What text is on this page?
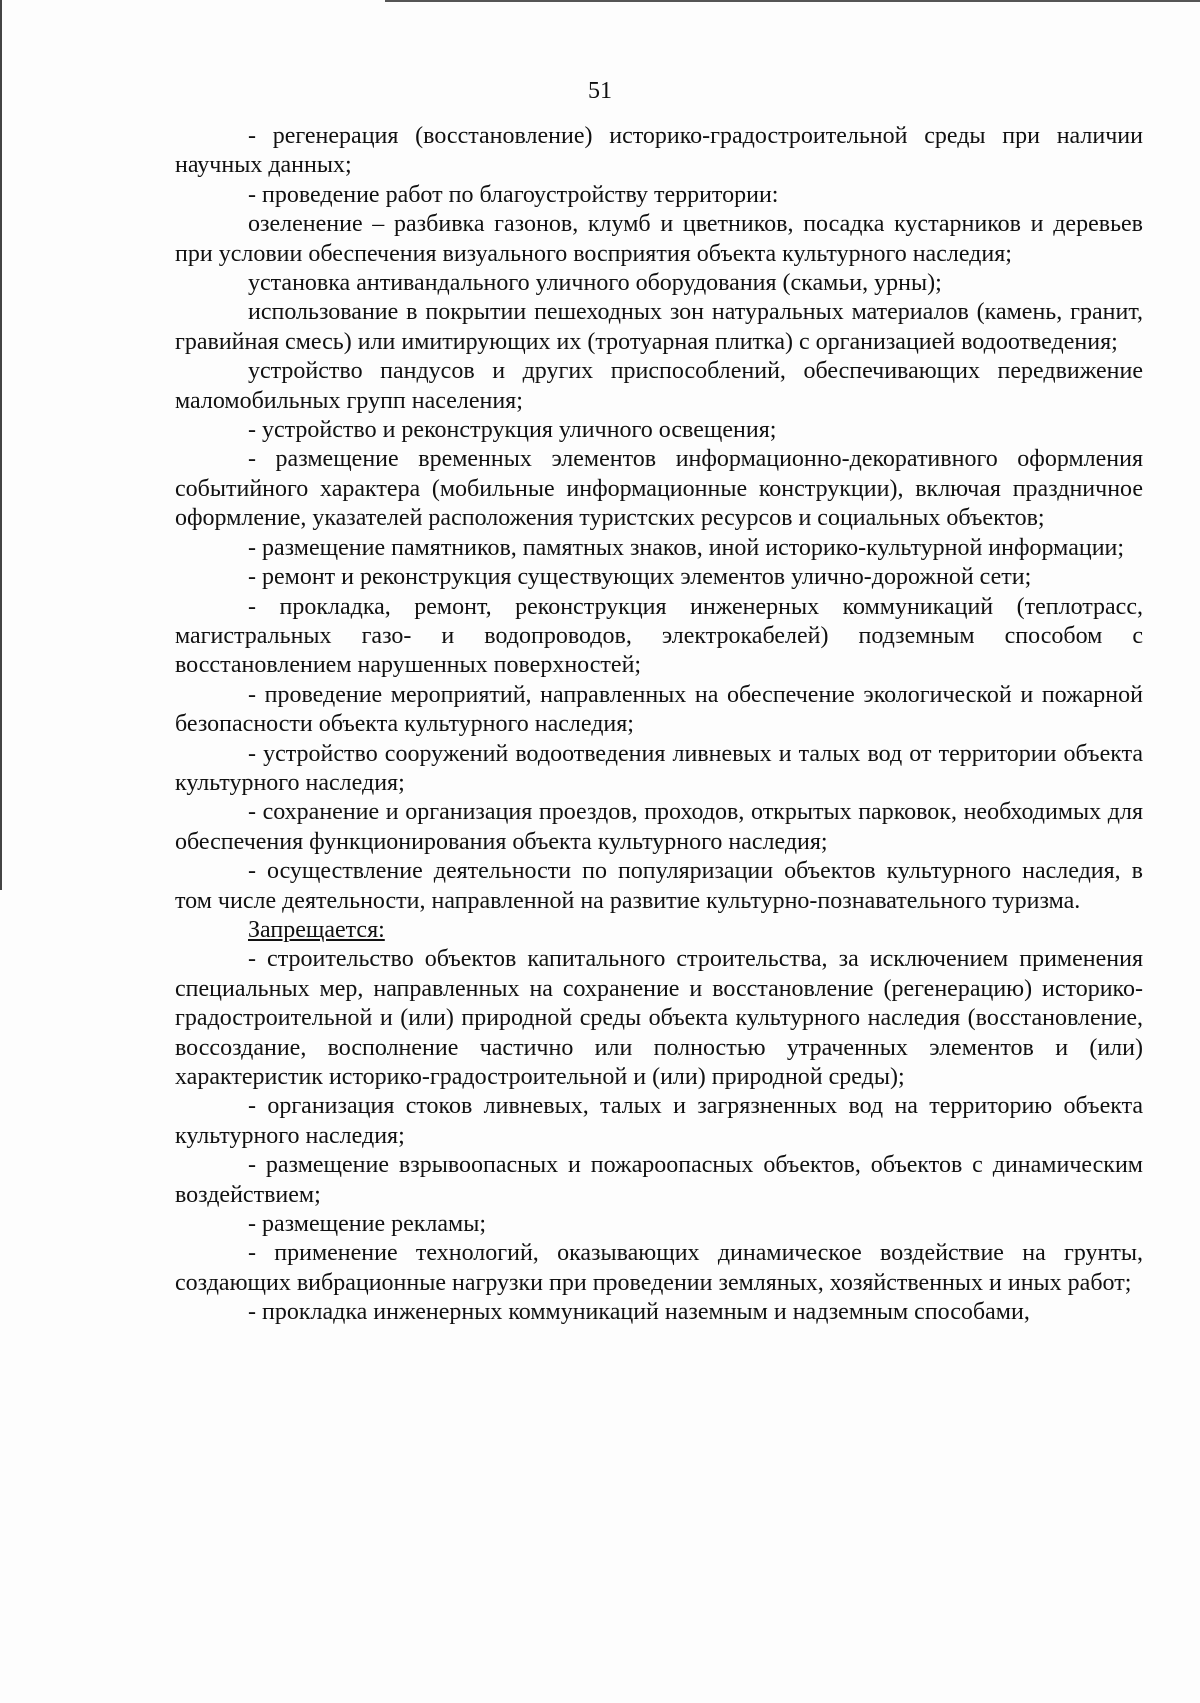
51

- регенерация (восстановление) историко-градостроительной среды при наличии научных данных;

- проведение работ по благоустройству территории:

озеленение – разбивка газонов, клумб и цветников, посадка кустарников и деревьев при условии обеспечения визуального восприятия объекта культурного наследия;

установка антивандального уличного оборудования (скамьи, урны);

использование в покрытии пешеходных зон натуральных материалов (камень, гранит, гравийная смесь) или имитирующих их (тротуарная плитка) с организацией водоотведения;

устройство пандусов и других приспособлений, обеспечивающих передвижение маломобильных групп населения;

- устройство и реконструкция уличного освещения;

- размещение временных элементов информационно-декоративного оформления событийного характера (мобильные информационные конструкции), включая праздничное оформление, указателей расположения туристских ресурсов и социальных объектов;

- размещение памятников, памятных знаков, иной историко-культурной информации;

- ремонт и реконструкция существующих элементов улично-дорожной сети;

- прокладка, ремонт, реконструкция инженерных коммуникаций (теплотрасс, магистральных газо- и водопроводов, электрокабелей) подземным способом с восстановлением нарушенных поверхностей;

- проведение мероприятий, направленных на обеспечение экологической и пожарной безопасности объекта культурного наследия;

- устройство сооружений водоотведения ливневых и талых вод от территории объекта культурного наследия;

- сохранение и организация проездов, проходов, открытых парковок, необходимых для обеспечения функционирования объекта культурного наследия;

- осуществление деятельности по популяризации объектов культурного наследия, в том числе деятельности, направленной на развитие культурно-познавательного туризма.

Запрещается:

- строительство объектов капитального строительства, за исключением применения специальных мер, направленных на сохранение и восстановление (регенерацию) историко-градостроительной и (или) природной среды объекта культурного наследия (восстановление, воссоздание, восполнение частично или полностью утраченных элементов и (или) характеристик историко-градостроительной и (или) природной среды);

- организация стоков ливневых, талых и загрязненных вод на территорию объекта культурного наследия;

- размещение взрывоопасных и пожароопасных объектов, объектов с динамическим воздействием;

- размещение рекламы;

- применение технологий, оказывающих динамическое воздействие на грунты, создающих вибрационные нагрузки при проведении земляных, хозяйственных и иных работ;

- прокладка инженерных коммуникаций наземным и надземным способами,
